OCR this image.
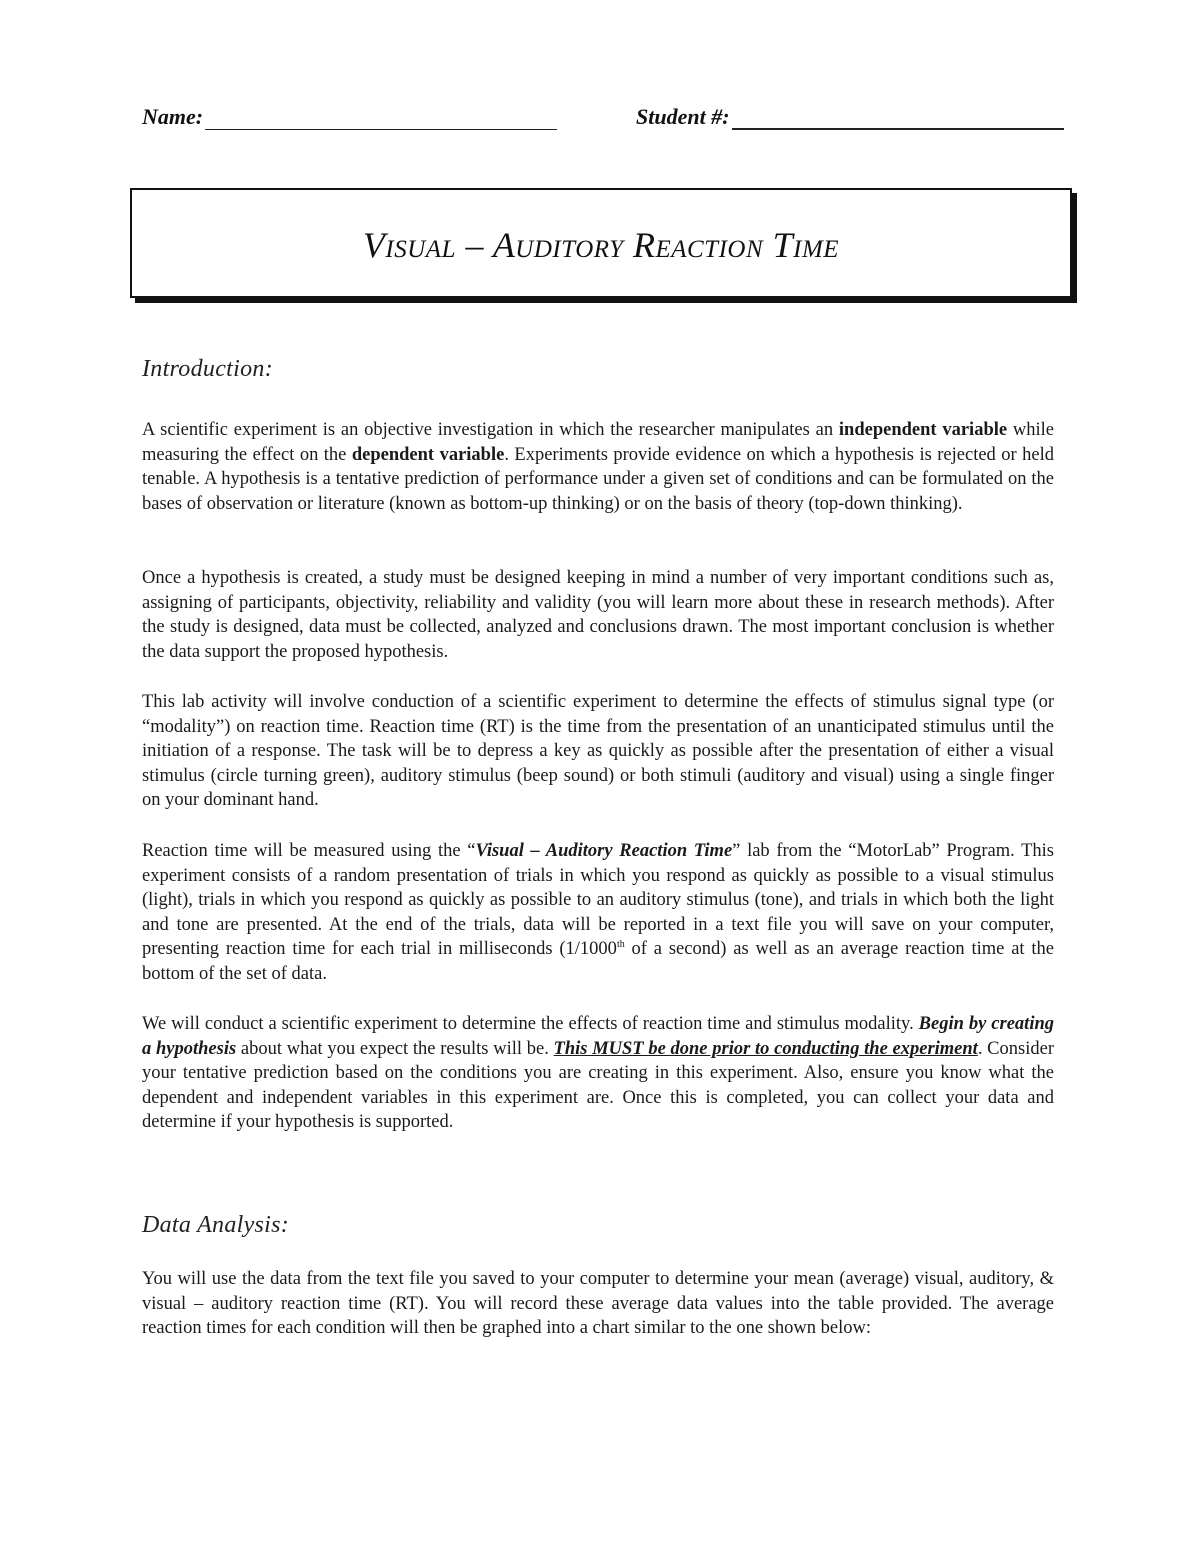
Name:	Student #:
Visual – Auditory Reaction Time
Introduction:

A scientific experiment is an objective investigation in which the researcher manipulates an independent variable while measuring the effect on the dependent variable. Experiments provide evidence on which a hypothesis is rejected or held tenable. A hypothesis is a tentative prediction of performance under a given set of conditions and can be formulated on the bases of observation or literature (known as bottom-up thinking) or on the basis of theory (top-down thinking).

Once a hypothesis is created, a study must be designed keeping in mind a number of very important conditions such as, assigning of participants, objectivity, reliability and validity (you will learn more about these in research methods). After the study is designed, data must be collected, analyzed and conclusions drawn. The most important conclusion is whether the data support the proposed hypothesis.

This lab activity will involve conduction of a scientific experiment to determine the effects of stimulus signal type (or “modality”) on reaction time. Reaction time (RT) is the time from the presentation of an unanticipated stimulus until the initiation of a response. The task will be to depress a key as quickly as possible after the presentation of either a visual stimulus (circle turning green), auditory stimulus (beep sound) or both stimuli (auditory and visual) using a single finger on your dominant hand.

Reaction time will be measured using the “Visual – Auditory Reaction Time” lab from the “MotorLab” Program. This experiment consists of a random presentation of trials in which you respond as quickly as possible to a visual stimulus (light), trials in which you respond as quickly as possible to an auditory stimulus (tone), and trials in which both the light and tone are presented. At the end of the trials, data will be reported in a text file you will save on your computer, presenting reaction time for each trial in milliseconds (1/1000th of a second) as well as an average reaction time at the bottom of the set of data.

We will conduct a scientific experiment to determine the effects of reaction time and stimulus modality. Begin by creating a hypothesis about what you expect the results will be. This MUST be done prior to conducting the experiment. Consider your tentative prediction based on the conditions you are creating in this experiment. Also, ensure you know what the dependent and independent variables in this experiment are. Once this is completed, you can collect your data and determine if your hypothesis is supported.

Data Analysis:

You will use the data from the text file you saved to your computer to determine your mean (average) visual, auditory, & visual – auditory reaction time (RT). You will record these average data values into the table provided. The average reaction times for each condition will then be graphed into a chart similar to the one shown below:
